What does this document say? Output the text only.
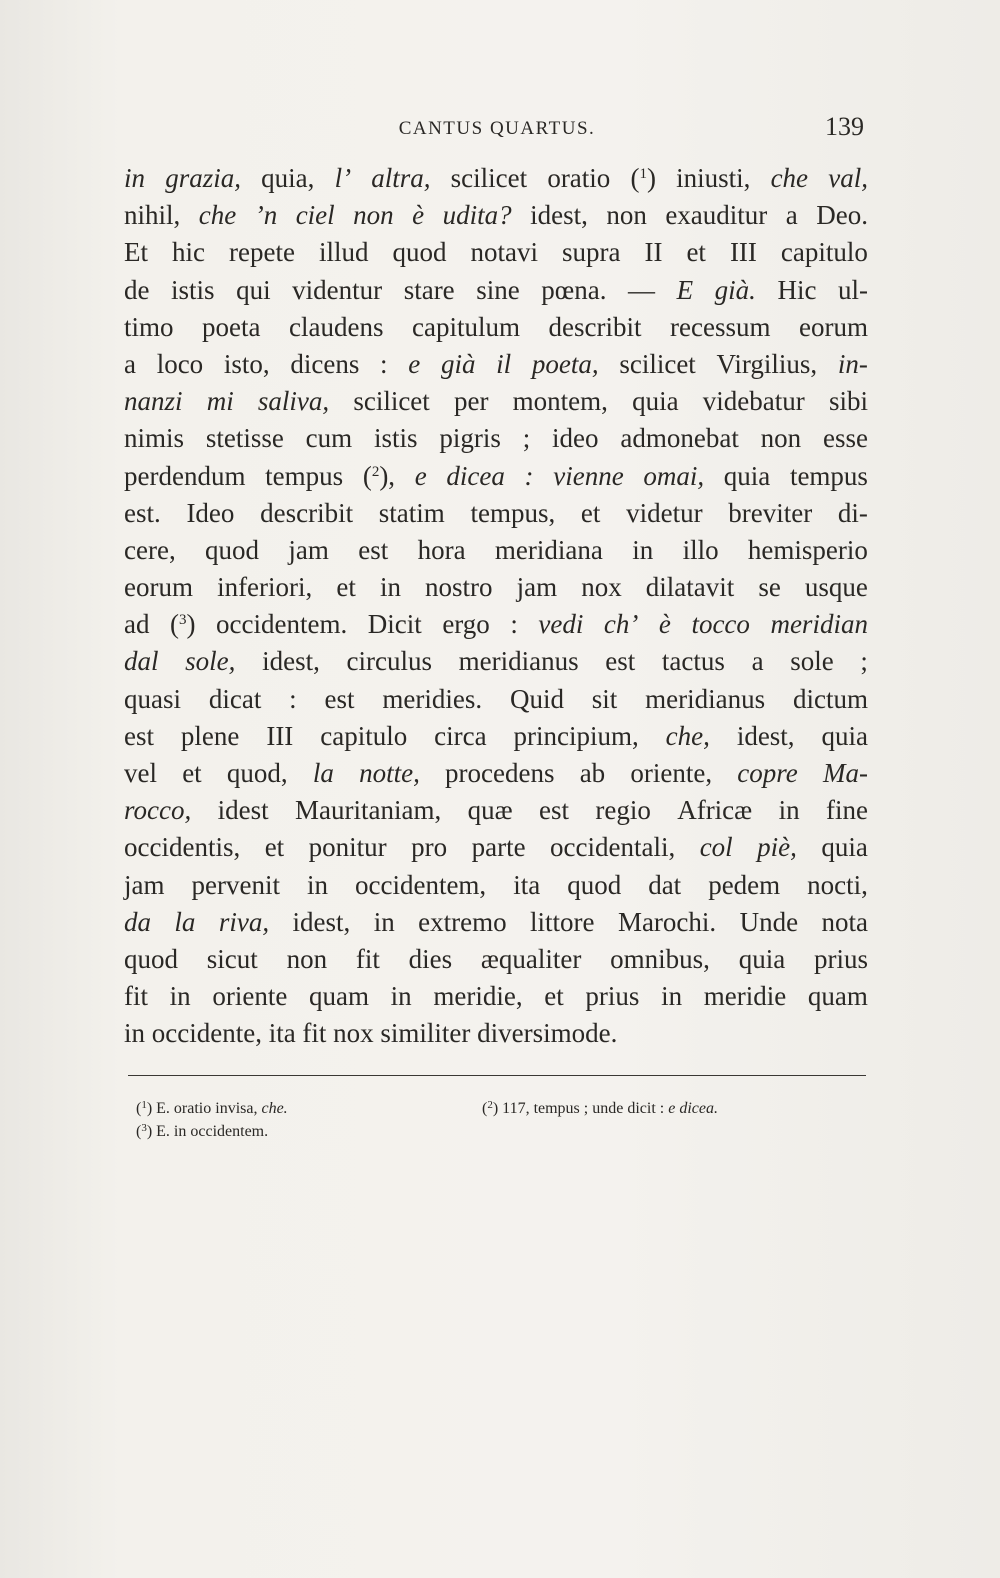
CANTUS QUARTUS.	139
in grazia, quia, l’ altra, scilicet oratio ($^1$) iniusti, che val,
nihil, che ’n ciel non è udita? idest, non exauditur a Deo.
Et hic repete illud quod notavi supra II et III capitulo
de istis qui videntur stare sine pœna. — E già. Hic ul-
timo poeta claudens capitulum describit recessum eorum
a loco isto, dicens : e già il poeta, scilicet Virgilius, in-
nanzi mi saliva, scilicet per montem, quia videbatur sibi
nimis stetisse cum istis pigris ; ideo admonebat non esse
perdendum tempus ($^2$), e dicea : vienne omai, quia tempus
est. Ideo describit statim tempus, et videtur breviter di-
cere, quod jam est hora meridiana in illo hemisperio
eorum inferiori, et in nostro jam nox dilatavit se usque
ad ($^3$) occidentem. Dicit ergo : vedi ch’ è tocco meridian
dal sole, idest, circulus meridianus est tactus a sole ;
quasi dicat : est meridies. Quid sit meridianus dictum
est plene III capitulo circa principium, che, idest, quia
vel et quod, la notte, procedens ab oriente, copre Ma-
rocco, idest Mauritaniam, quæ est regio Africæ in fine
occidentis, et ponitur pro parte occidentali, col piè, quia
jam pervenit in occidentem, ita quod dat pedem nocti,
da la riva, idest, in extremo littore Marochi. Unde nota
quod sicut non fit dies æqualiter omnibus, quia prius
fit in oriente quam in meridie, et prius in meridie quam
in occidente, ita fit nox similiter diversimode.
($^1$) E. oratio invisa, che.	($^2$) 117, tempus ; unde dicit : e dicea.
($^3$) E. in occidentem.
